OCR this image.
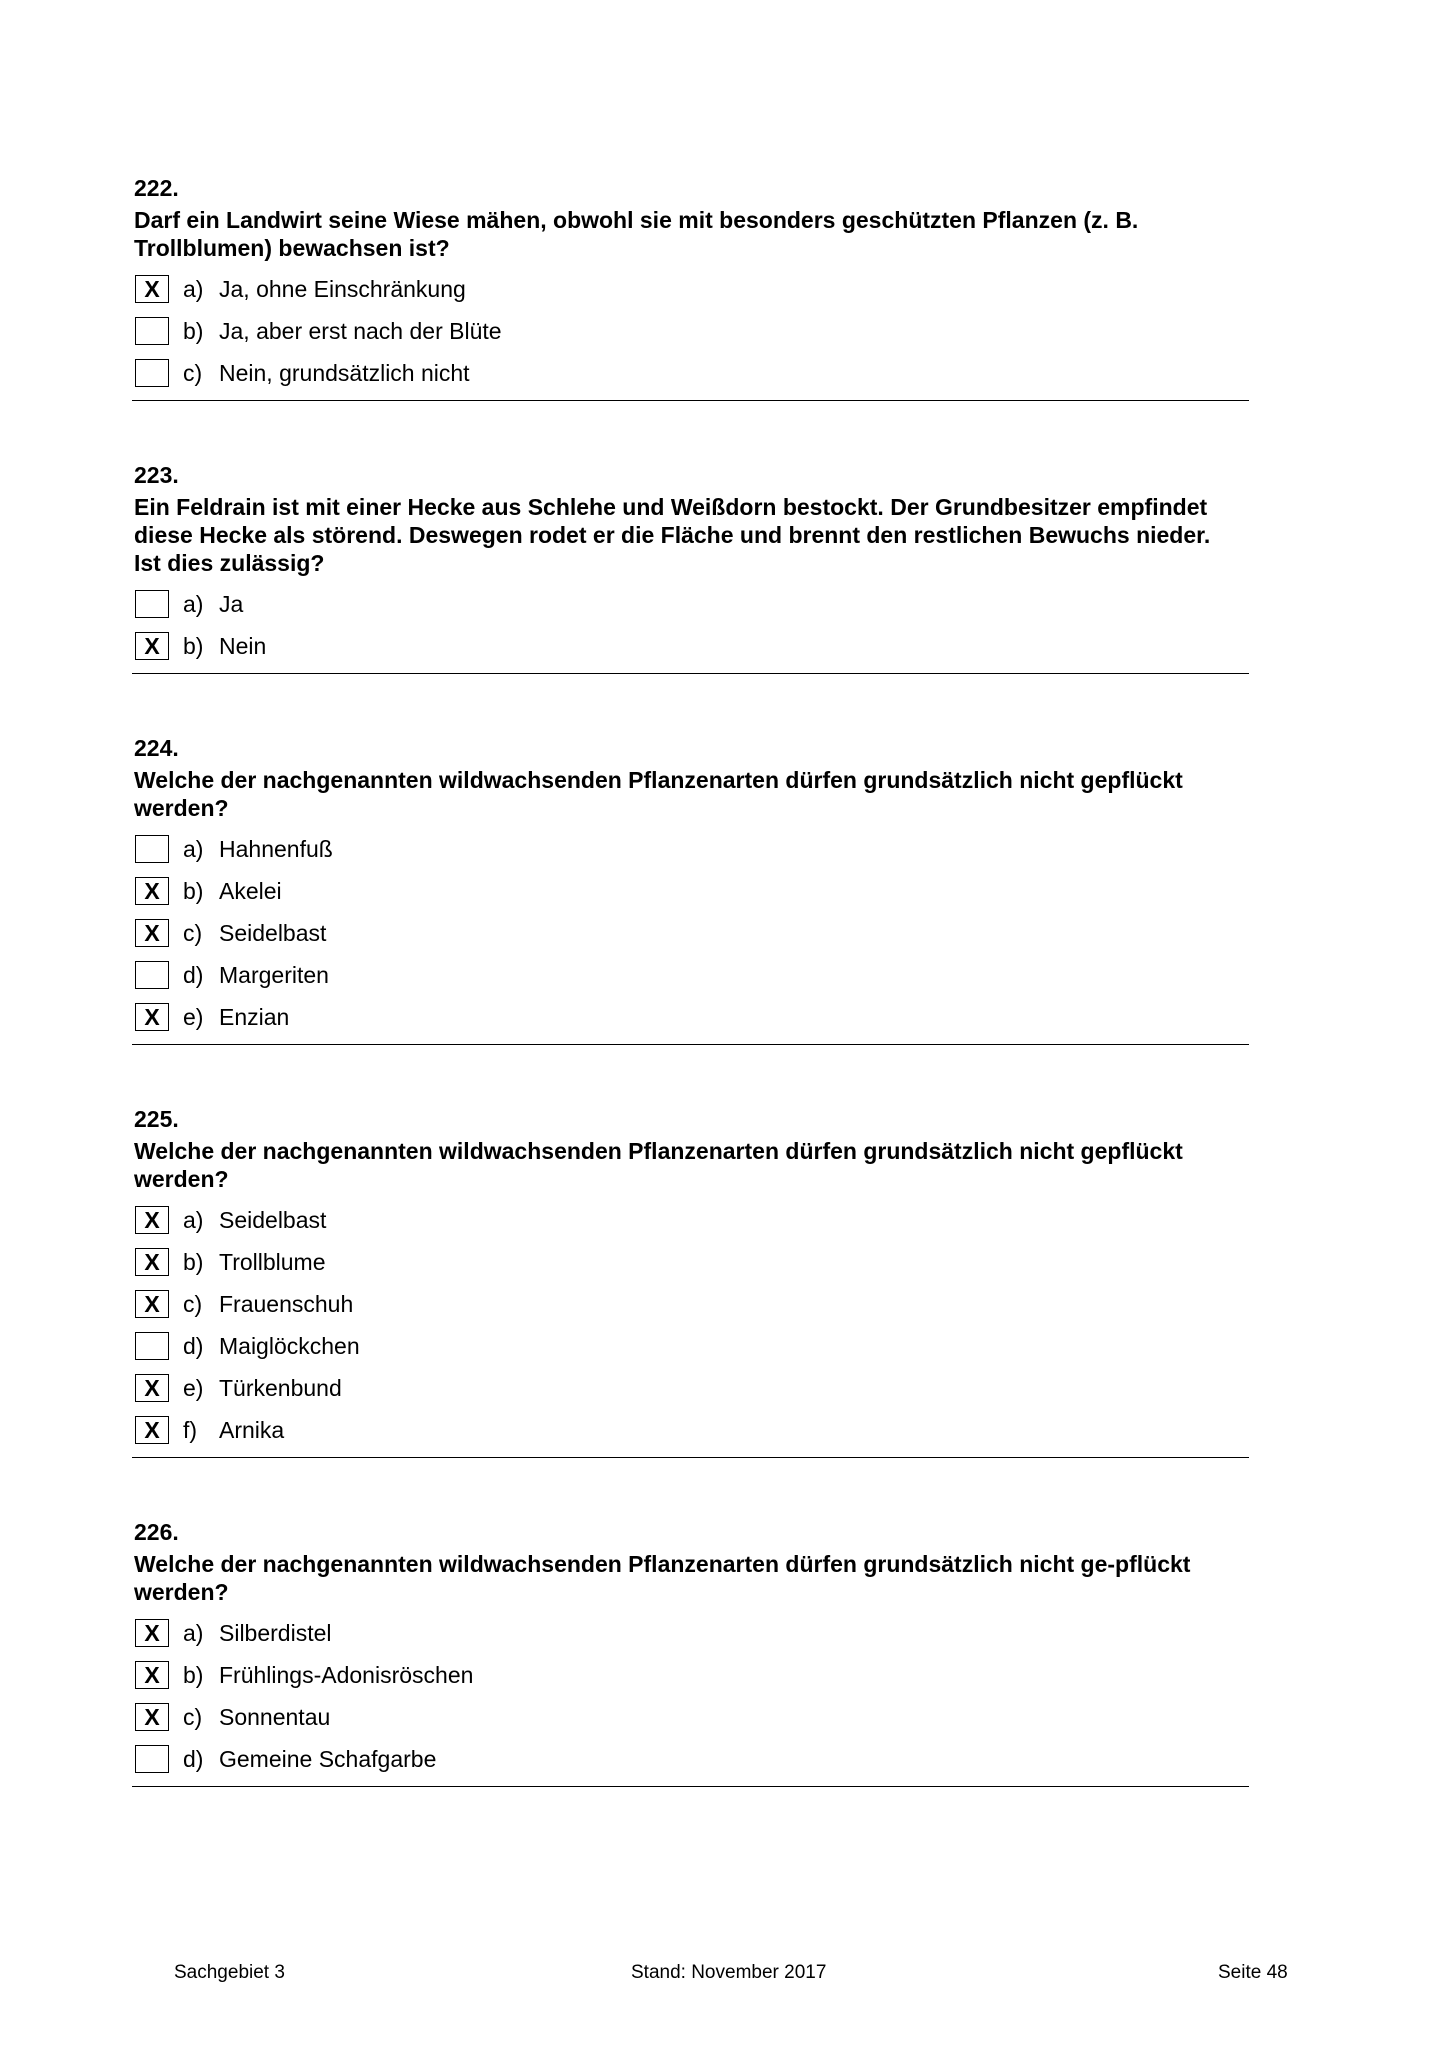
222.
Darf ein Landwirt seine Wiese mähen, obwohl sie mit besonders geschützten Pflanzen (z. B. Trollblumen) bewachsen ist?
X	a) Ja, ohne Einschränkung
b) Ja, aber erst nach der Blüte
c) Nein, grundsätzlich nicht
223.
Ein Feldrain ist mit einer Hecke aus Schlehe und Weißdorn bestockt. Der Grundbesitzer empfindet diese Hecke als störend. Deswegen rodet er die Fläche und brennt den restlichen Bewuchs nieder. Ist dies zulässig?
a) Ja
X	b) Nein
224.
Welche der nachgenannten wildwachsenden Pflanzenarten dürfen grundsätzlich nicht gepflückt werden?
a) Hahnenfuß
X	b) Akelei
X	c) Seidelbast
d) Margeriten
X	e) Enzian
225.
Welche der nachgenannten wildwachsenden Pflanzenarten dürfen grundsätzlich nicht gepflückt werden?
X	a) Seidelbast
X	b) Trollblume
X	c) Frauenschuh
d) Maiglöckchen
X	e) Türkenbund
X	f) Arnika
226.
Welche der nachgenannten wildwachsenden Pflanzenarten dürfen grundsätzlich nicht ge-pflückt werden?
X	a) Silberdistel
X	b) Frühlings-Adonisröschen
X	c) Sonnentau
d) Gemeine Schafgarbe
Sachgebiet 3	Stand: November 2017	Seite 48
